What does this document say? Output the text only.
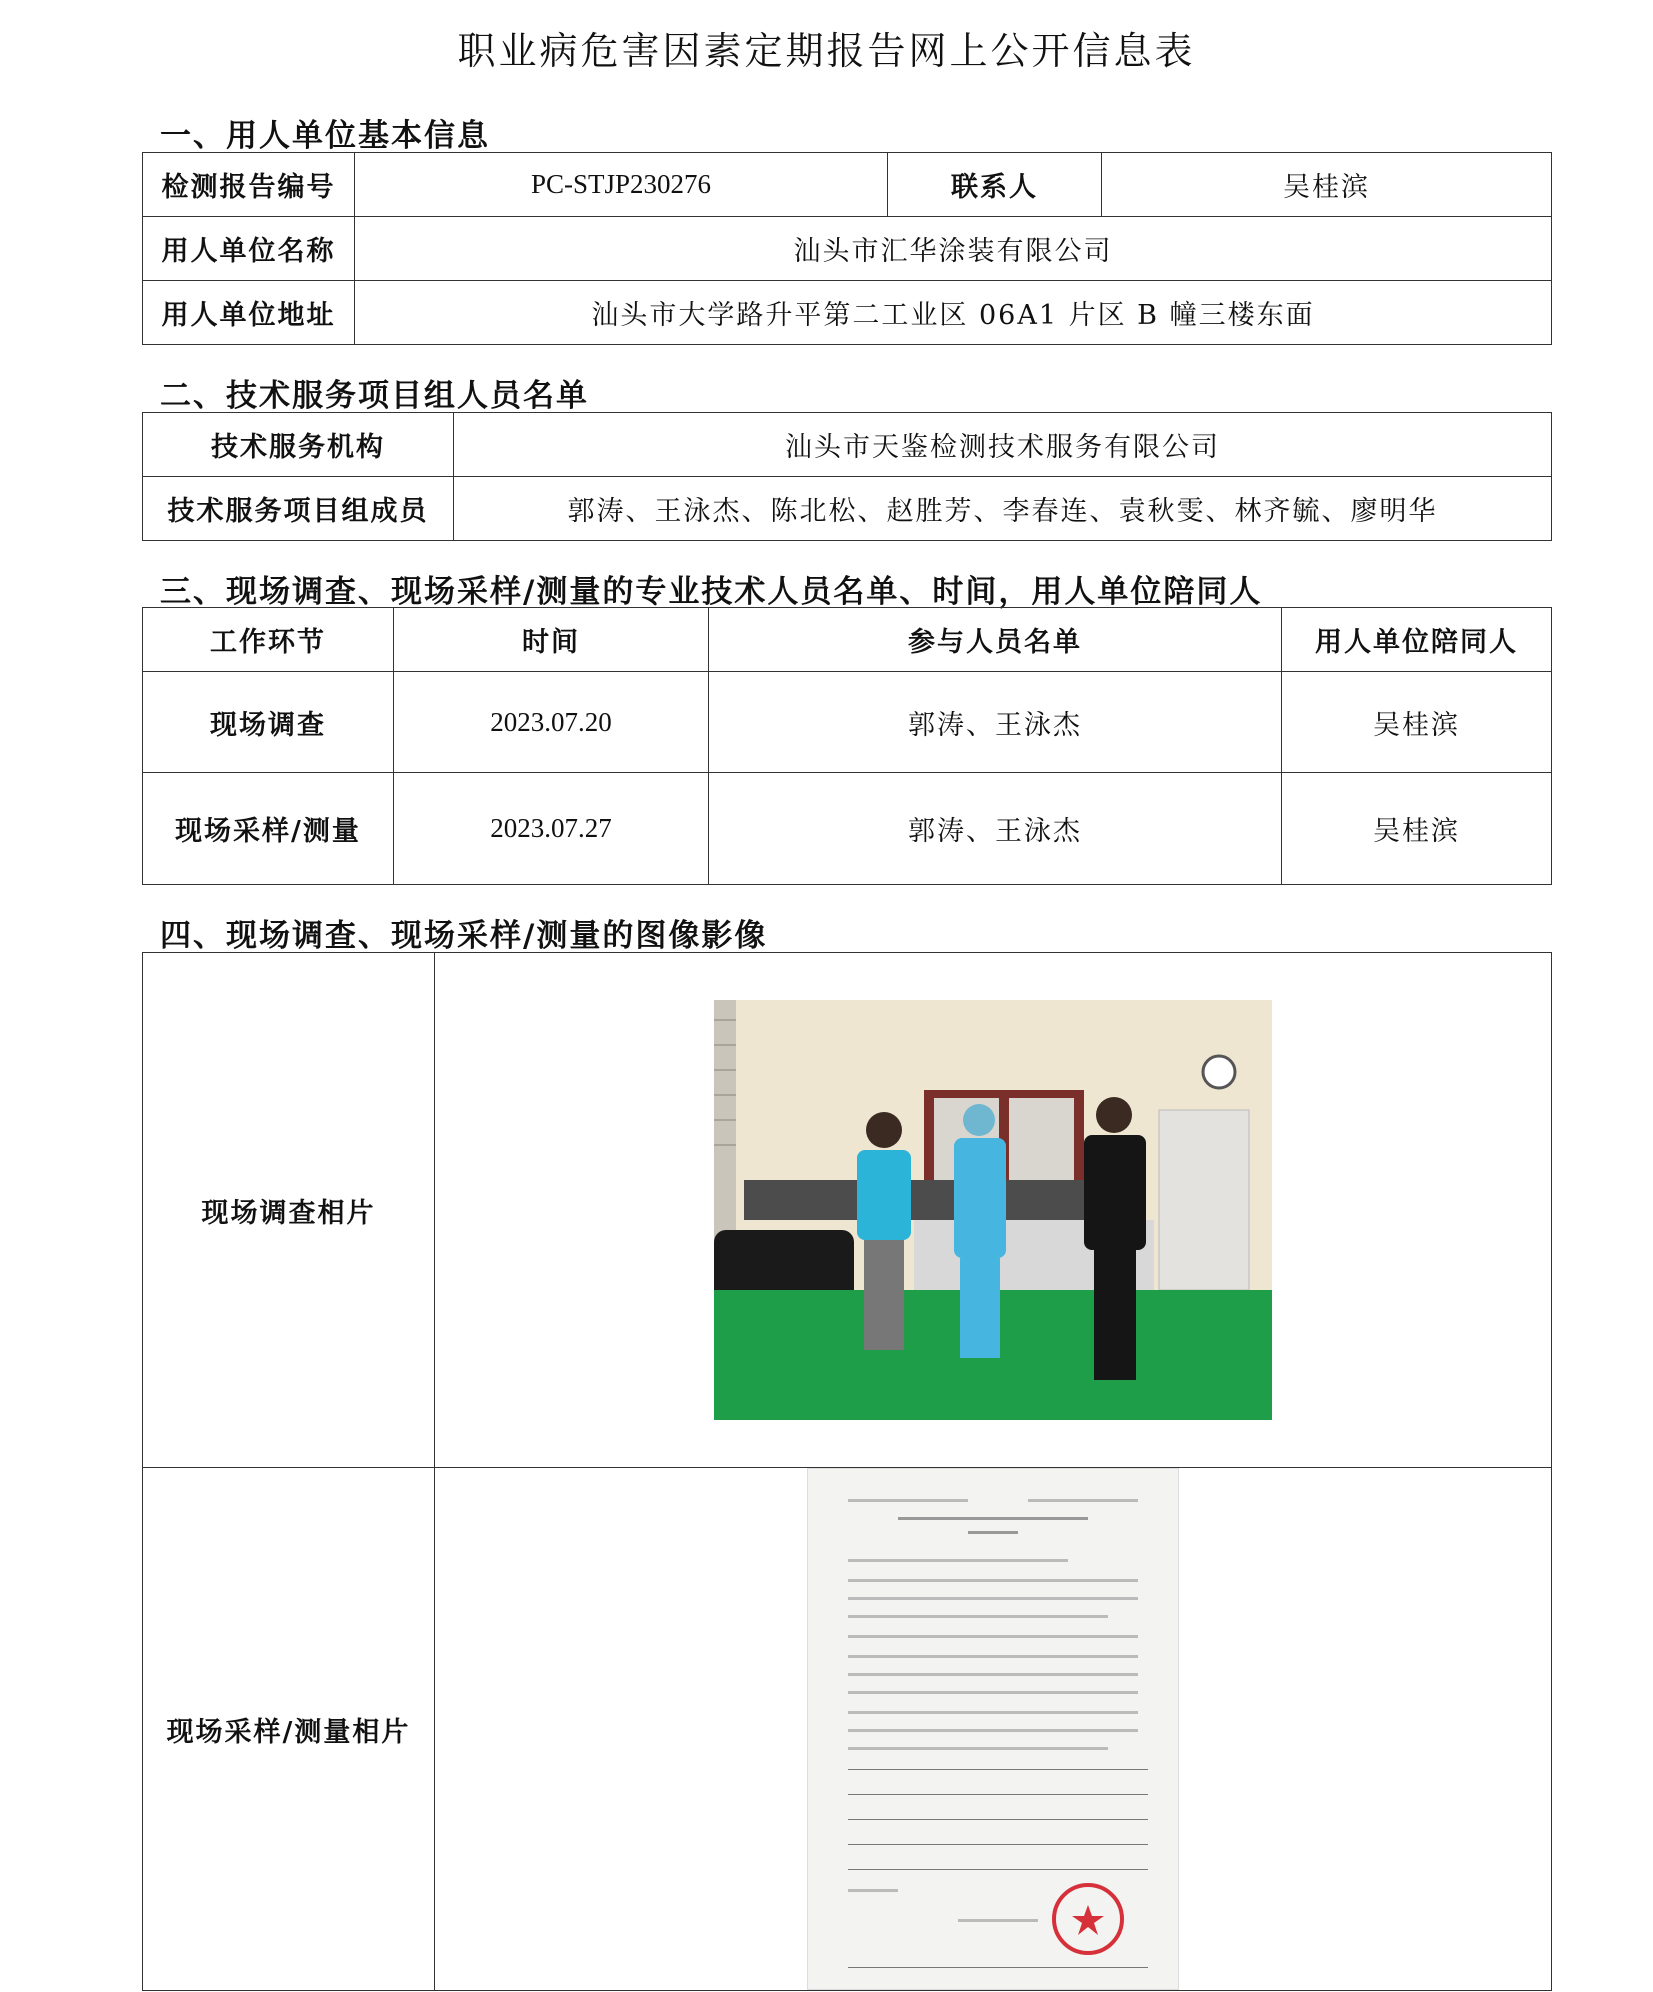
职业病危害因素定期报告网上公开信息表
一、用人单位基本信息
检测报告编号	PC-STJP230276	联系人	吴桂滨
用人单位名称	汕头市汇华涂装有限公司		
用人单位地址	汕头市大学路升平第二工业区 06A1 片区 B 幢三楼东面		
二、技术服务项目组人员名单
技术服务机构	汕头市天鉴检测技术服务有限公司
技术服务项目组成员	郭涛、王泳杰、陈北松、赵胜芳、李春连、袁秋雯、林齐毓、廖明华
三、现场调查、现场采样/测量的专业技术人员名单、时间，用人单位陪同人
工作环节	时间	参与人员名单	用人单位陪同人
现场调查	2023.07.20	郭涛、王泳杰	吴桂滨
现场采样/测量	2023.07.27	郭涛、王泳杰	吴桂滨
四、现场调查、现场采样/测量的图像影像
现场调查相片	

现场采样/测量相片	
